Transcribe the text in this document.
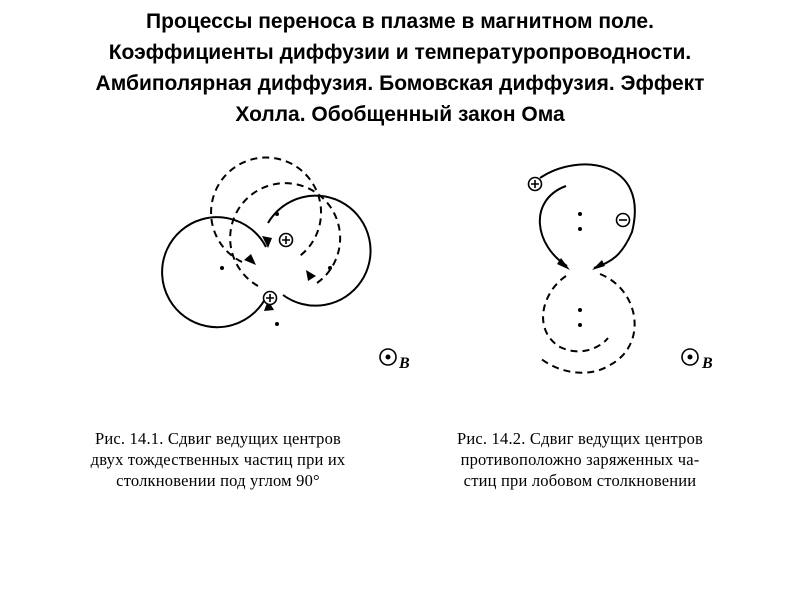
Процессы переноса в плазме в магнитном поле.
Коэффициенты диффузии и температуропроводности.
Амбиполярная диффузия. Бомовская диффузия. Эффект
Холла. Обобщенный закон Ома
B	B
Рис. 14.1. Сдвиг ведущих центров
двух тождественных частиц при их
столкновении под углом 90°
Рис. 14.2. Сдвиг ведущих центров
противоположно заряженных ча-
стиц при лобовом столкновении
